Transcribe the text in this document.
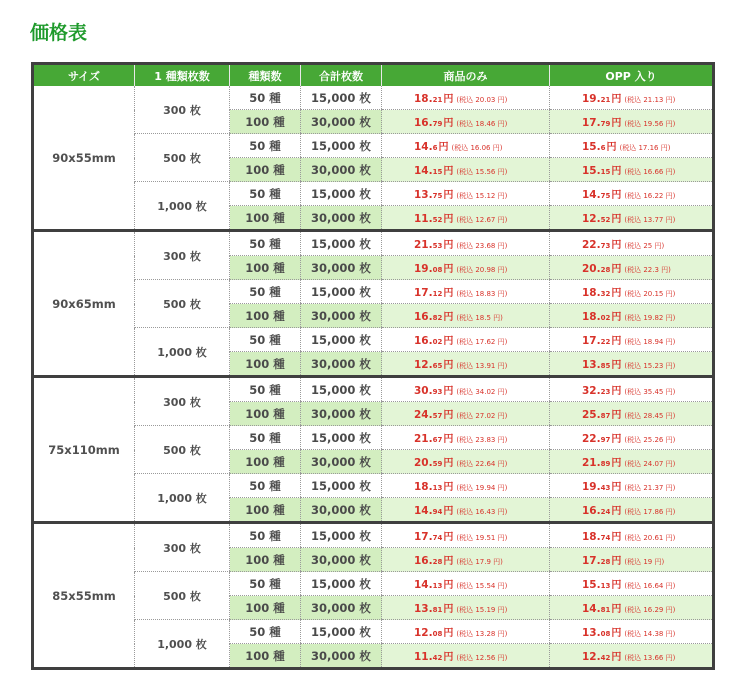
価格表
サイズ	1 種類枚数	種類数	合計枚数	商品のみ	OPP 入り
90x55mm	300 枚	50 種	15,000 枚	18.21円 (税込 20.03 円)	19.21円 (税込 21.13 円)
		100 種	30,000 枚	16.79円 (税込 18.46 円)	17.79円 (税込 19.56 円)
	500 枚	50 種	15,000 枚	14.6円 (税込 16.06 円)	15.6円 (税込 17.16 円)
		100 種	30,000 枚	14.15円 (税込 15.56 円)	15.15円 (税込 16.66 円)
	1,000 枚	50 種	15,000 枚	13.75円 (税込 15.12 円)	14.75円 (税込 16.22 円)
		100 種	30,000 枚	11.52円 (税込 12.67 円)	12.52円 (税込 13.77 円)
90x65mm	300 枚	50 種	15,000 枚	21.53円 (税込 23.68 円)	22.73円 (税込 25 円)
		100 種	30,000 枚	19.08円 (税込 20.98 円)	20.28円 (税込 22.3 円)
	500 枚	50 種	15,000 枚	17.12円 (税込 18.83 円)	18.32円 (税込 20.15 円)
		100 種	30,000 枚	16.82円 (税込 18.5 円)	18.02円 (税込 19.82 円)
	1,000 枚	50 種	15,000 枚	16.02円 (税込 17.62 円)	17.22円 (税込 18.94 円)
		100 種	30,000 枚	12.65円 (税込 13.91 円)	13.85円 (税込 15.23 円)
75x110mm	300 枚	50 種	15,000 枚	30.93円 (税込 34.02 円)	32.23円 (税込 35.45 円)
		100 種	30,000 枚	24.57円 (税込 27.02 円)	25.87円 (税込 28.45 円)
	500 枚	50 種	15,000 枚	21.67円 (税込 23.83 円)	22.97円 (税込 25.26 円)
		100 種	30,000 枚	20.59円 (税込 22.64 円)	21.89円 (税込 24.07 円)
	1,000 枚	50 種	15,000 枚	18.13円 (税込 19.94 円)	19.43円 (税込 21.37 円)
		100 種	30,000 枚	14.94円 (税込 16.43 円)	16.24円 (税込 17.86 円)
85x55mm	300 枚	50 種	15,000 枚	17.74円 (税込 19.51 円)	18.74円 (税込 20.61 円)
		100 種	30,000 枚	16.28円 (税込 17.9 円)	17.28円 (税込 19 円)
	500 枚	50 種	15,000 枚	14.13円 (税込 15.54 円)	15.13円 (税込 16.64 円)
		100 種	30,000 枚	13.81円 (税込 15.19 円)	14.81円 (税込 16.29 円)
	1,000 枚	50 種	15,000 枚	12.08円 (税込 13.28 円)	13.08円 (税込 14.38 円)
		100 種	30,000 枚	11.42円 (税込 12.56 円)	12.42円 (税込 13.66 円)
